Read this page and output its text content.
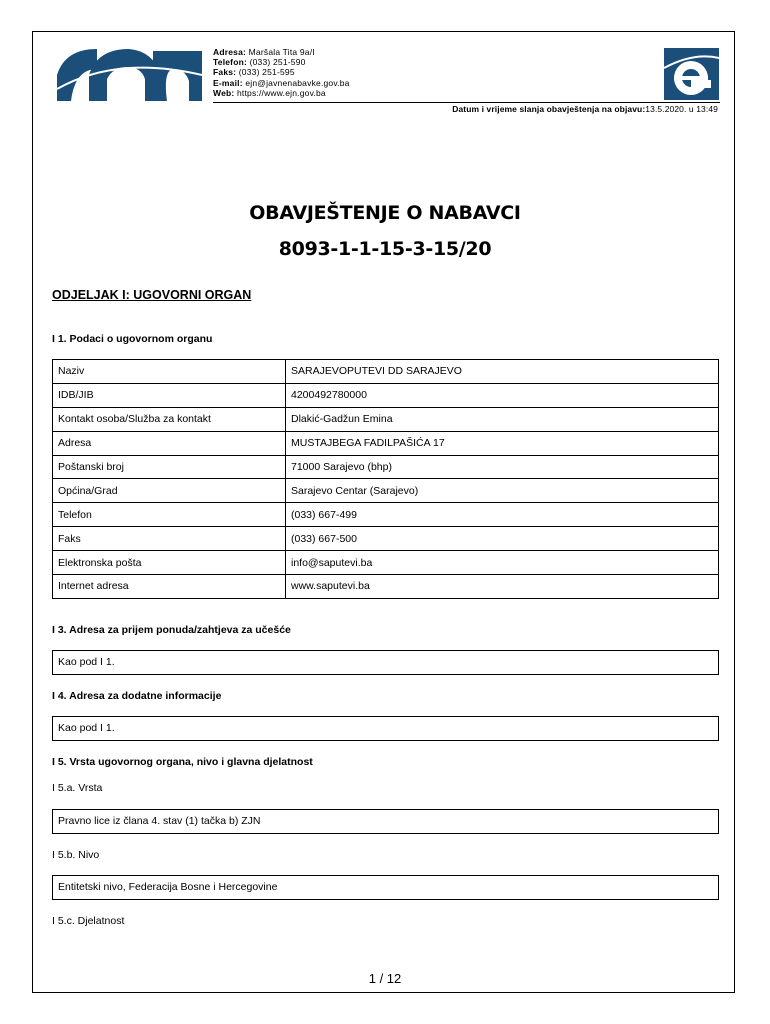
Adresa: Maršala Tita 9a/I
Telefon: (033) 251-590
Faks: (033) 251-595
E-mail: ejn@javnenabavke.gov.ba
Web: https://www.ejn.gov.ba
Datum i vrijeme slanja obavještenja na objavu:13.5.2020. u 13:49
OBAVJEŠTENJE O NABAVCI
8093-1-1-15-3-15/20
ODJELJAK I: UGOVORNI ORGAN
I 1. Podaci o ugovornom organu
Naziv	SARAJEVOPUTEVI DD SARAJEVO
IDB/JIB	4200492780000
Kontakt osoba/Služba za kontakt	Dlakić-Gadžun Emina
Adresa	MUSTAJBEGA FADILPAŠIĆA 17
Poštanski broj	71000 Sarajevo (bhp)
Općina/Grad	Sarajevo Centar (Sarajevo)
Telefon	(033) 667-499
Faks	(033) 667-500
Elektronska pošta	info@saputevi.ba
Internet adresa	www.saputevi.ba
I 3. Adresa za prijem ponuda/zahtjeva za učešće
Kao pod I 1.
I 4. Adresa za dodatne informacije
Kao pod I 1.
I 5. Vrsta ugovornog organa, nivo i glavna djelatnost
I 5.a. Vrsta
Pravno lice iz člana 4. stav (1) tačka b) ZJN
I 5.b. Nivo
Entitetski nivo, Federacija Bosne i Hercegovine
I 5.c. Djelatnost
1 / 12
